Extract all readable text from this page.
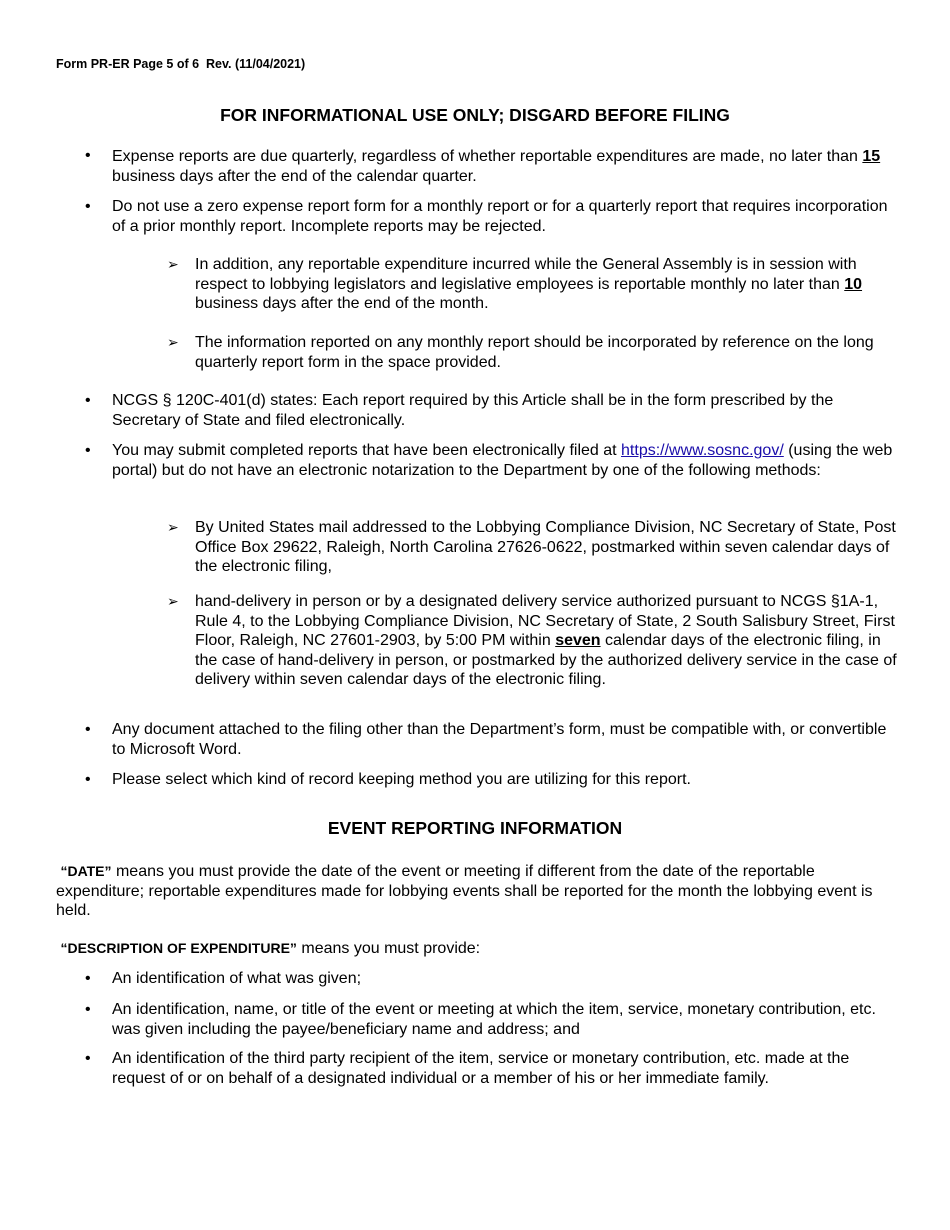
Form PR-ER Page 5 of 6  Rev. (11/04/2021)
FOR INFORMATIONAL USE ONLY; DISGARD BEFORE FILING
• Expense reports are due quarterly, regardless of whether reportable expenditures are made, no later than 15 business days after the end of the calendar quarter.
• Do not use a zero expense report form for a monthly report or for a quarterly report that requires incorporation of a prior monthly report. Incomplete reports may be rejected.
➢ In addition, any reportable expenditure incurred while the General Assembly is in session with respect to lobbying legislators and legislative employees is reportable monthly no later than 10 business days after the end of the month.
➢ The information reported on any monthly report should be incorporated by reference on the long quarterly report form in the space provided.
• NCGS § 120C-401(d) states: Each report required by this Article shall be in the form prescribed by the Secretary of State and filed electronically.
• You may submit completed reports that have been electronically filed at https://www.sosnc.gov/ (using the web portal) but do not have an electronic notarization to the Department by one of the following methods:
➢ By United States mail addressed to the Lobbying Compliance Division, NC Secretary of State, Post Office Box 29622, Raleigh, North Carolina 27626-0622, postmarked within seven calendar days of the electronic filing,
➢ hand-delivery in person or by a designated delivery service authorized pursuant to NCGS §1A-1, Rule 4, to the Lobbying Compliance Division, NC Secretary of State, 2 South Salisbury Street, First Floor, Raleigh, NC 27601-2903, by 5:00 PM within seven calendar days of the electronic filing, in the case of hand-delivery in person, or postmarked by the authorized delivery service in the case of delivery within seven calendar days of the electronic filing.
• Any document attached to the filing other than the Department’s form, must be compatible with, or convertible to Microsoft Word.
• Please select which kind of record keeping method you are utilizing for this report.
EVENT REPORTING INFORMATION
“DATE” means you must provide the date of the event or meeting if different from the date of the reportable expenditure; reportable expenditures made for lobbying events shall be reported for the month the lobbying event is held.
“DESCRIPTION OF EXPENDITURE” means you must provide:
• An identification of what was given;
• An identification, name, or title of the event or meeting at which the item, service, monetary contribution, etc. was given including the payee/beneficiary name and address; and
• An identification of the third party recipient of the item, service or monetary contribution, etc. made at the request of or on behalf of a designated individual or a member of his or her immediate family.
